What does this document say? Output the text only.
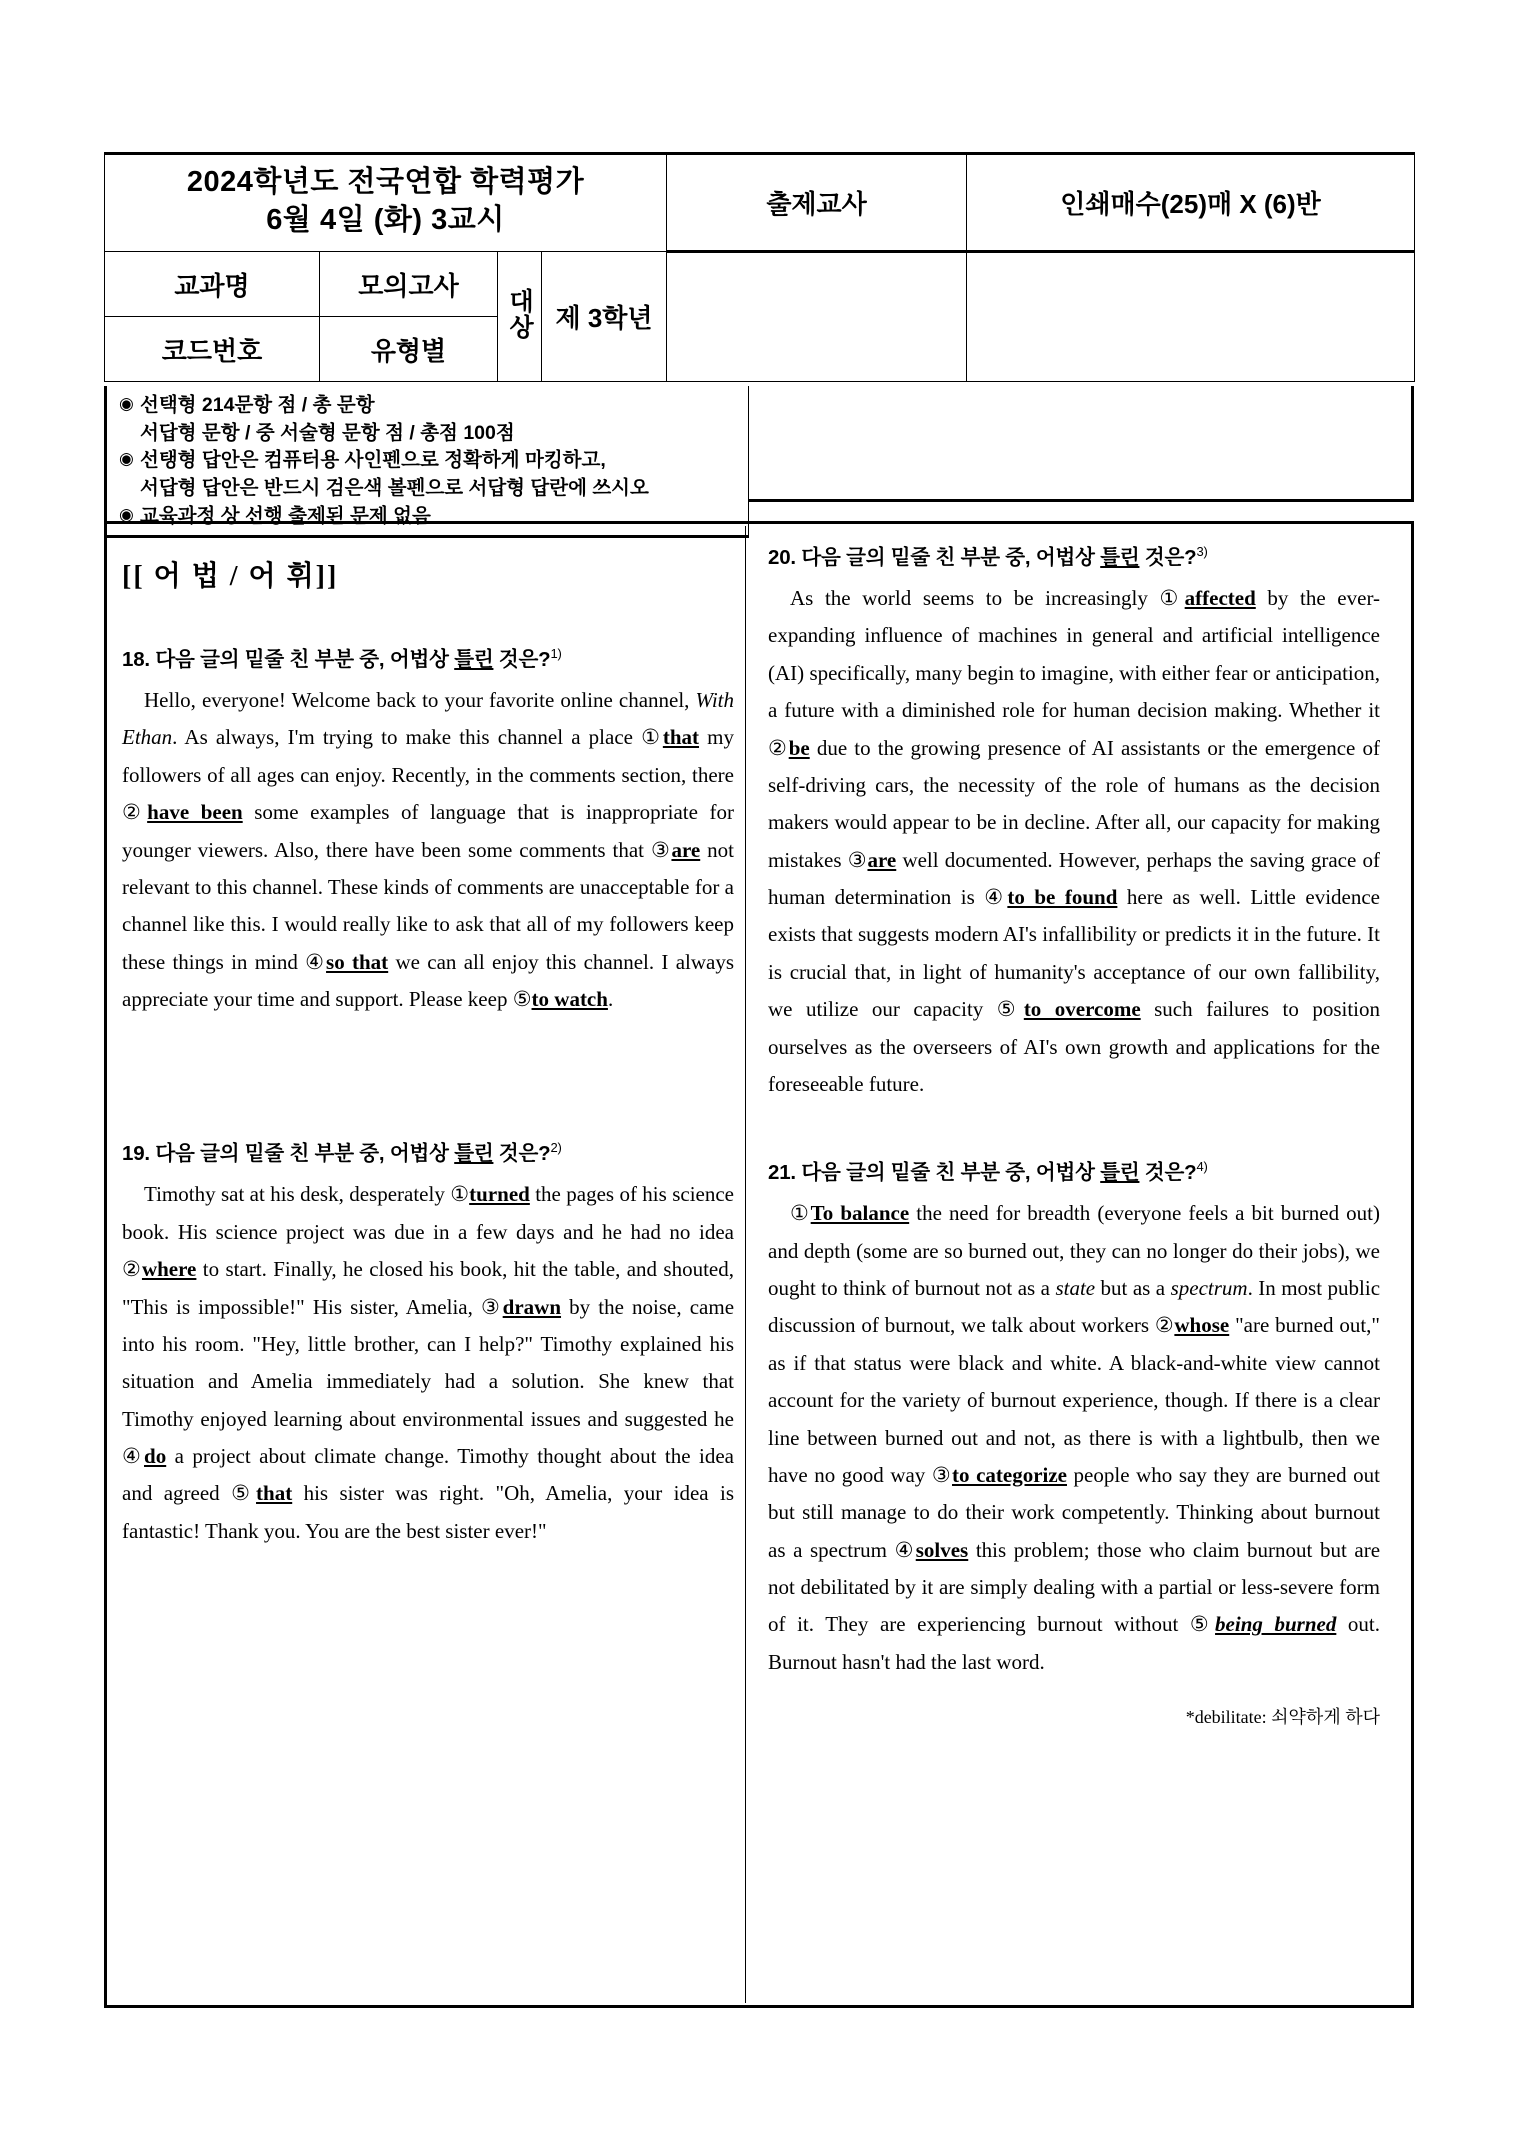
2024학년도 전국연합 학력평가
6월 4일 (화) 3교시				출제교사	인쇄매수(25)매 X (6)반
교과명	모의고사	대상	제 3학년		
코드번호	유형별				
◉ 선택형 214문항 점 / 총 문항
서답형 문항 / 중 서술형 문항 점 / 총점 100점
◉ 선탱형 답안은 컴퓨터용 사인펜으로 정확하게 마킹하고,
서답형 답안은 반드시 검은색 볼펜으로 서답형 답란에 쓰시오
◉ 교육과정 상 선행 출제된 문제 없음
[[ 어 법 / 어 휘]]
18. 다음 글의 밑줄 친 부분 중, 어법상 틀린 것은?$^{1)}$

Hello, everyone! Welcome back to your favorite online channel, With Ethan. As always, I'm trying to make this channel a place ①that my followers of all ages can enjoy. Recently, in the comments section, there ②have been some examples of language that is inappropriate for younger viewers. Also, there have been some comments that ③are not relevant to this channel. These kinds of comments are unacceptable for a channel like this. I would really like to ask that all of my followers keep these things in mind ④so that we can all enjoy this channel. I always appreciate your time and support. Please keep ⑤to watch.

19. 다음 글의 밑줄 친 부분 중, 어법상 틀린 것은?$^{2)}$

Timothy sat at his desk, desperately ①turned the pages of his science book. His science project was due in a few days and he had no idea ②where to start. Finally, he closed his book, hit the table, and shouted, "This is impossible!" His sister, Amelia, ③drawn by the noise, came into his room. "Hey, little brother, can I help?" Timothy explained his situation and Amelia immediately had a solution. She knew that Timothy enjoyed learning about environmental issues and suggested he ④do a project about climate change. Timothy thought about the idea and agreed ⑤that his sister was right. "Oh, Amelia, your idea is fantastic! Thank you. You are the best sister ever!"

20. 다음 글의 밑줄 친 부분 중, 어법상 틀린 것은?$^{3)}$

As the world seems to be increasingly ①affected by the ever-expanding influence of machines in general and artificial intelligence (AI) specifically, many begin to imagine, with either fear or anticipation, a future with a diminished role for human decision making. Whether it ②be due to the growing presence of AI assistants or the emergence of self-driving cars, the necessity of the role of humans as the decision makers would appear to be in decline. After all, our capacity for making mistakes ③are well documented. However, perhaps the saving grace of human determination is ④to be found here as well. Little evidence exists that suggests modern AI's infallibility or predicts it in the future. It is crucial that, in light of humanity's acceptance of our own fallibility, we utilize our capacity ⑤to overcome such failures to position ourselves as the overseers of AI's own growth and applications for the foreseeable future.

21. 다음 글의 밑줄 친 부분 중, 어법상 틀린 것은?$^{4)}$

①To balance the need for breadth (everyone feels a bit burned out) and depth (some are so burned out, they can no longer do their jobs), we ought to think of burnout not as a state but as a spectrum. In most public discussion of burnout, we talk about workers ②whose "are burned out," as if that status were black and white. A black-and-white view cannot account for the variety of burnout experience, though. If there is a clear line between burned out and not, as there is with a lightbulb, then we have no good way ③to categorize people who say they are burned out but still manage to do their work competently. Thinking about burnout as a spectrum ④solves this problem; those who claim burnout but are not debilitated by it are simply dealing with a partial or less-severe form of it. They are experiencing burnout without ⑤being burned out. Burnout hasn't had the last word.

*debilitate: 쇠약하게 하다
